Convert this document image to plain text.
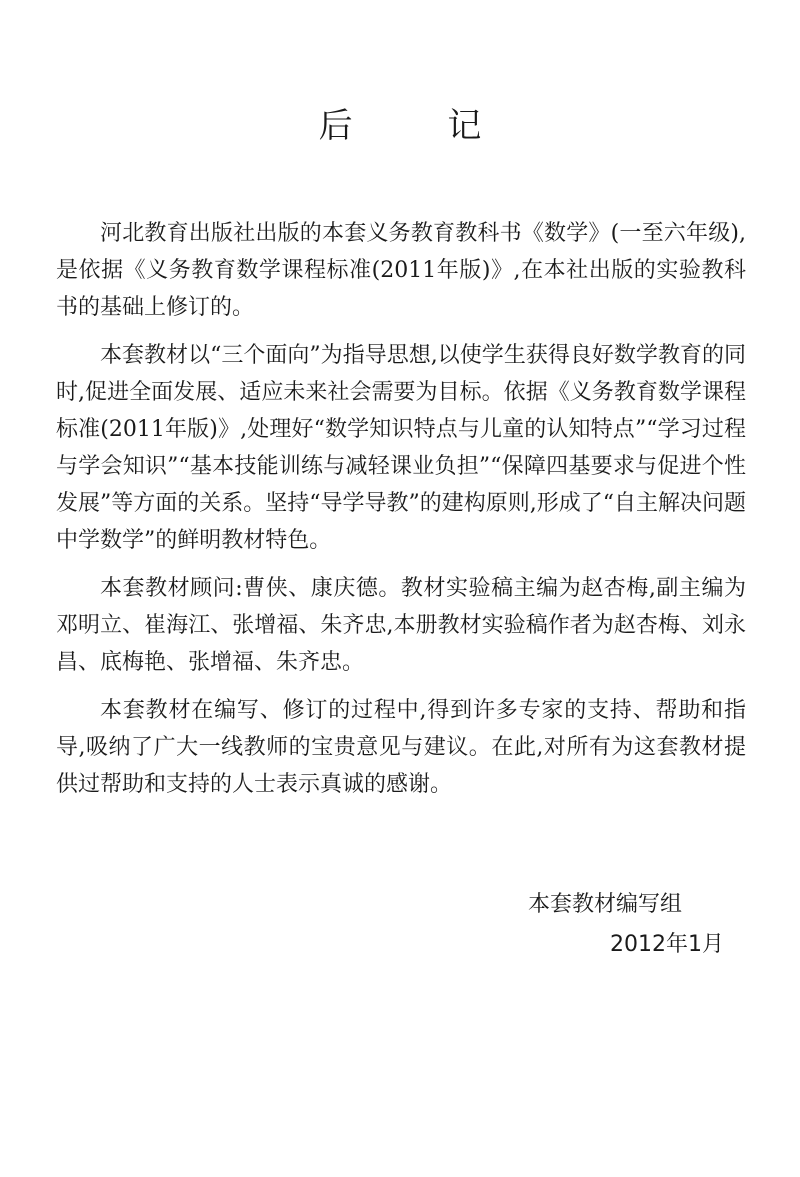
后 记

河北教育出版社出版的本套义务教育教科书《数学》(一至六年级),是依据《义务教育数学课程标准(2011年版)》,在本社出版的实验教科书的基础上修订的。

本套教材以“三个面向”为指导思想,以使学生获得良好数学教育的同时,促进全面发展、适应未来社会需要为目标。依据《义务教育数学课程标准(2011年版)》,处理好“数学知识特点与儿童的认知特点”“学习过程与学会知识”“基本技能训练与减轻课业负担”“保障四基要求与促进个性发展”等方面的关系。坚持“导学导教”的建构原则,形成了“自主解决问题中学数学”的鲜明教材特色。

本套教材顾问:曹侠、康庆德。教材实验稿主编为赵杏梅,副主编为邓明立、崔海江、张增福、朱齐忠,本册教材实验稿作者为赵杏梅、刘永昌、底梅艳、张增福、朱齐忠。

本套教材在编写、修订的过程中,得到许多专家的支持、帮助和指导,吸纳了广大一线教师的宝贵意见与建议。在此,对所有为这套教材提供过帮助和支持的人士表示真诚的感谢。

本套教材编写组
2012年1月
